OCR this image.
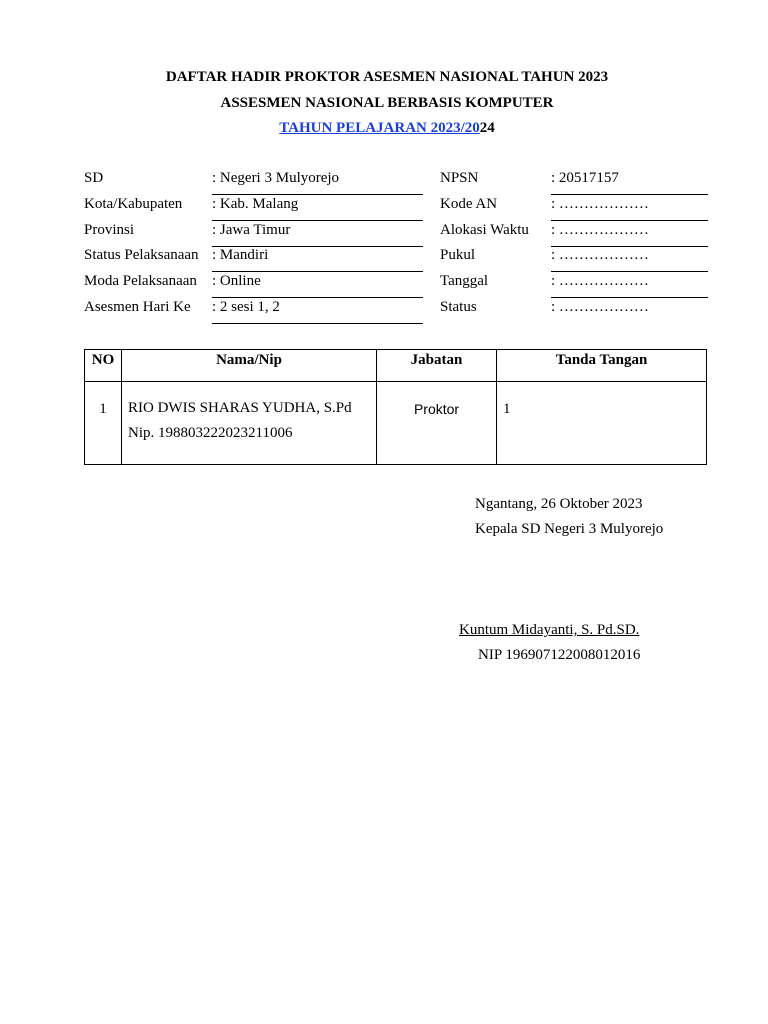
DAFTAR HADIR PROKTOR ASESMEN NASIONAL TAHUN 2023
ASSESMEN NASIONAL BERBASIS KOMPUTER
TAHUN PELAJARAN 2023/2024
SD	: Negeri 3 Mulyorejo
Kota/Kabupaten : Kab. Malang
Provinsi	: Jawa Timur
Status Pelaksanaan : Mandiri
Moda Pelaksanaan : Online
Asesmen Hari Ke : 2 sesi 1, 2
NPSN	: 20517157
Kode AN	: ………………
Alokasi Waktu : ………………
Pukul	: ………………
Tanggal	: ………………
Status	: ………………
NO	Nama/Nip	Jabatan	Tanda Tangan
1	RIO DWIS SHARAS YUDHA, S.Pd
Nip. 198803222023211006	Proktor	1
Ngantang, 26 Oktober 2023
Kepala SD Negeri 3 Mulyorejo
Kuntum Midayanti, S. Pd.SD.
NIP 196907122008012016
